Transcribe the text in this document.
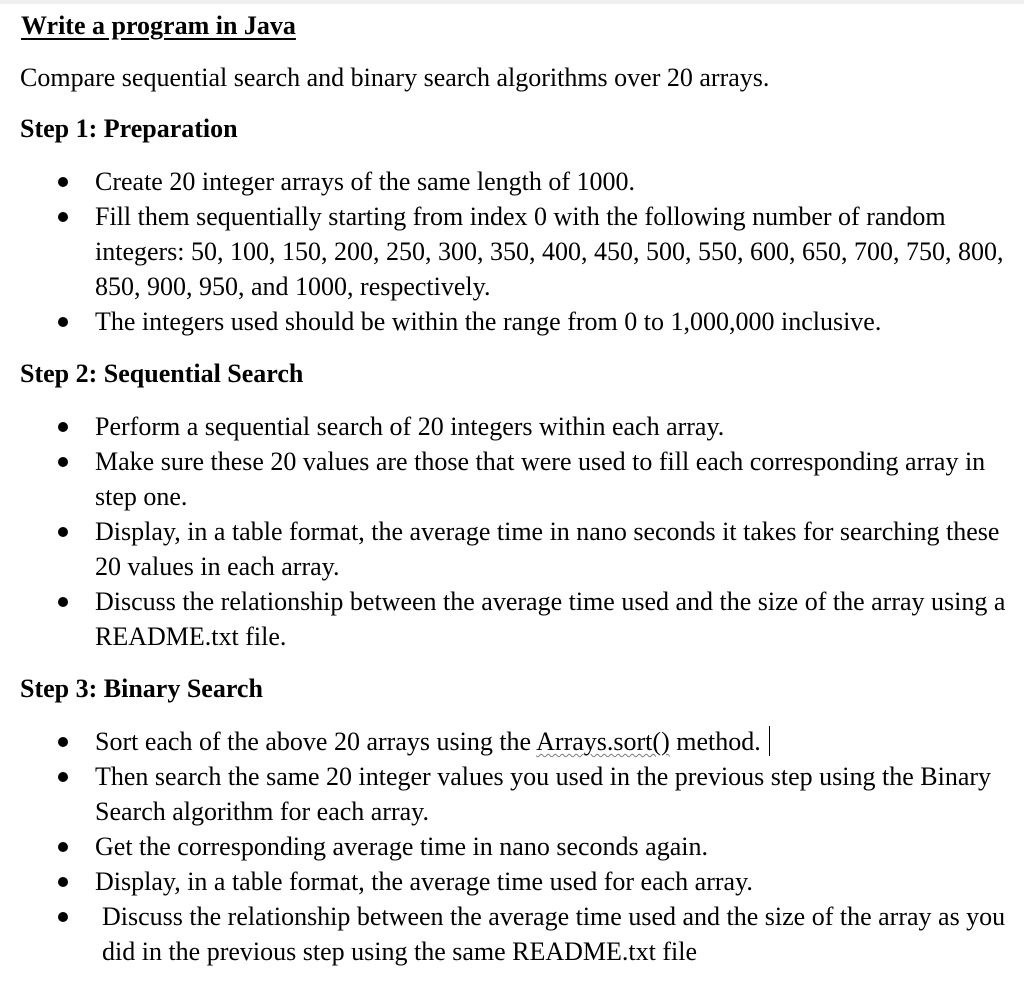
Write a program in Java
Compare sequential search and binary search algorithms over 20 arrays.
Step 1: Preparation
Create 20 integer arrays of the same length of 1000.
Fill them sequentially starting from index 0 with the following number of random integers: 50, 100, 150, 200, 250, 300, 350, 400, 450, 500, 550, 600, 650, 700, 750, 800, 850, 900, 950, and 1000, respectively.
The integers used should be within the range from 0 to 1,000,000 inclusive.
Step 2: Sequential Search
Perform a sequential search of 20 integers within each array.
Make sure these 20 values are those that were used to fill each corresponding array in step one.
Display, in a table format, the average time in nano seconds it takes for searching these 20 values in each array.
Discuss the relationship between the average time used and the size of the array using a README.txt file.
Step 3: Binary Search
Sort each of the above 20 arrays using the Arrays.sort() method.
Then search the same 20 integer values you used in the previous step using the Binary Search algorithm for each array.
Get the corresponding average time in nano seconds again.
Display, in a table format, the average time used for each array.
Discuss the relationship between the average time used and the size of the array as you did in the previous step using the same README.txt file
